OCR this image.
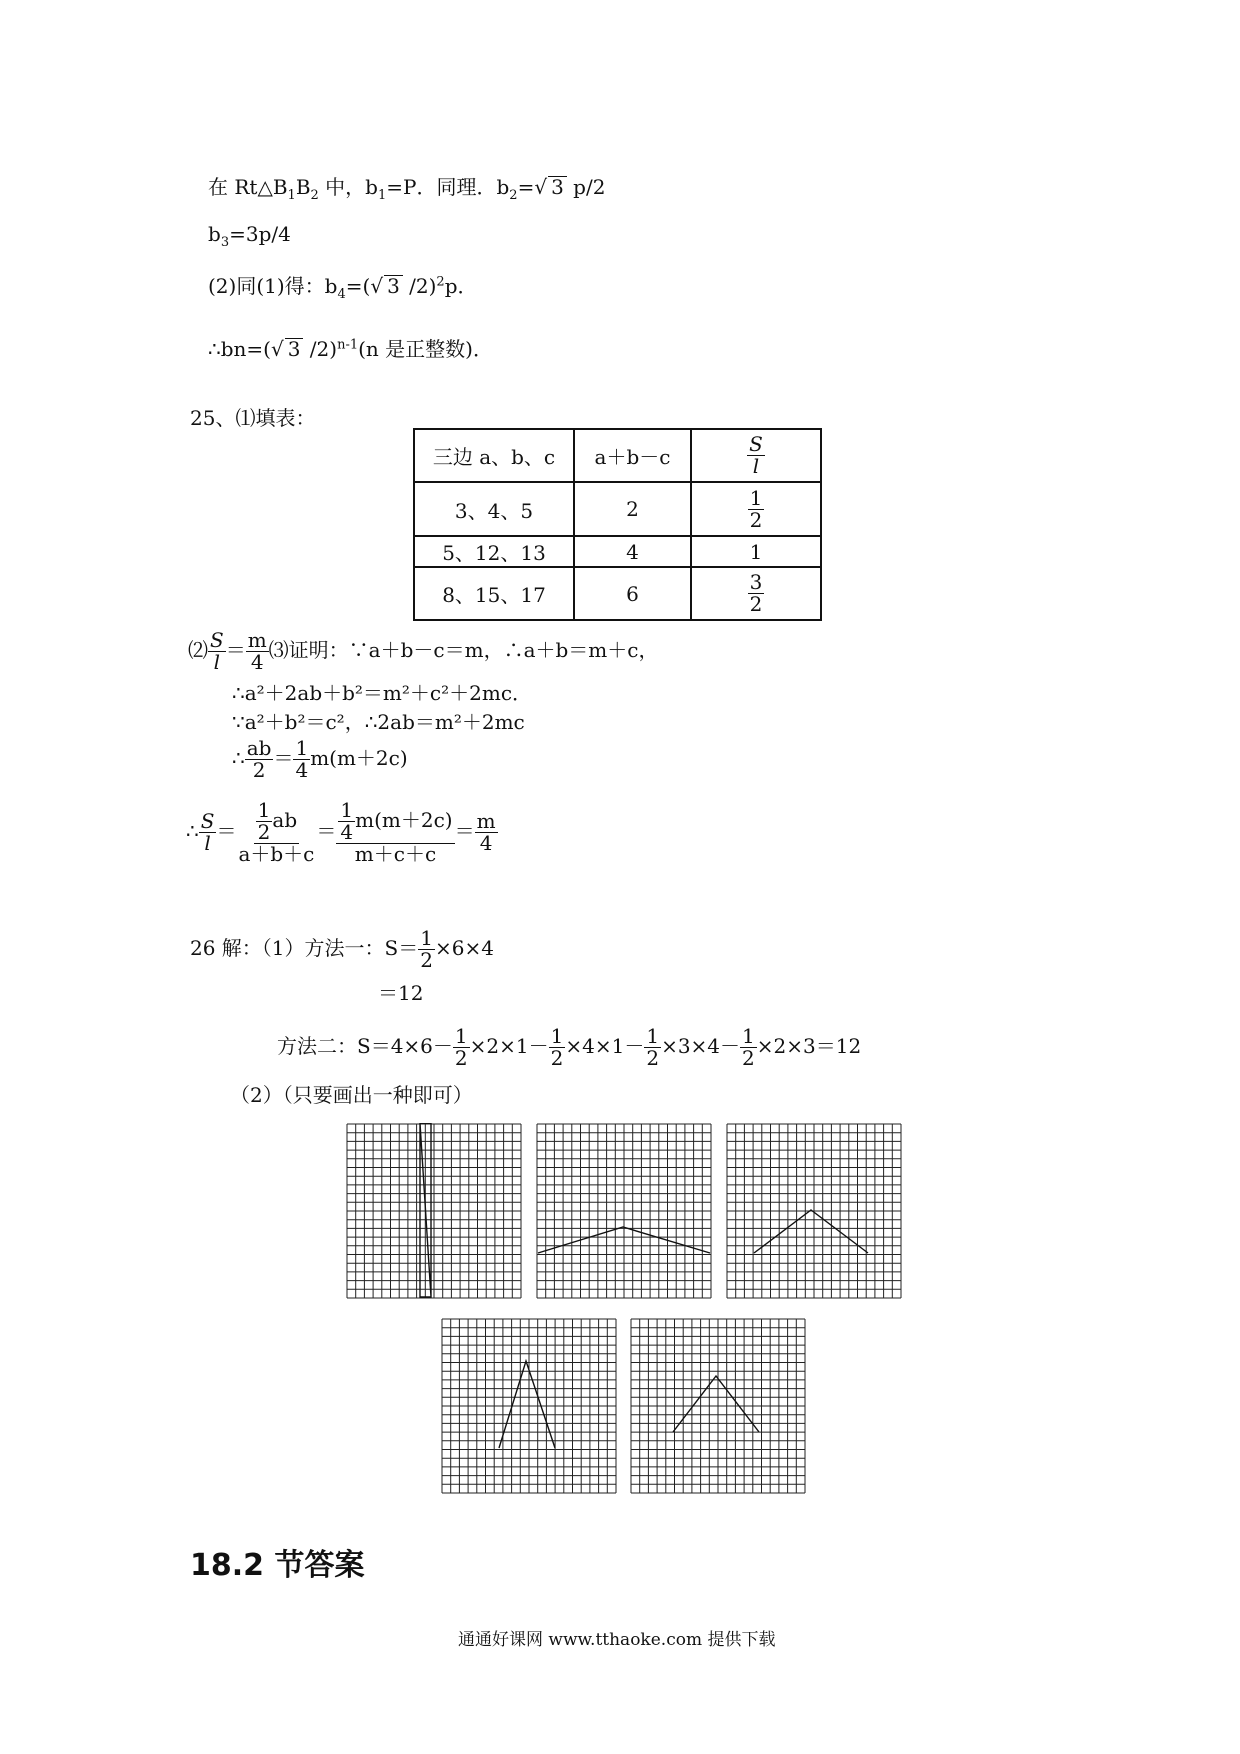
在 $Rt\triangle B_1B_2$ 中，$b_1=P$．同理．$b_2=√$ 3 p/2
$b_3=3p/4$
(2)同(1)得：$b_4=(√$ 3 /2)$^2$p．
∴bn=(√ 3 /2)$^{n-1}$(n 是正整数)．
25、⑴填表：
三边 a、b、c	a＋b－c	$\frac{S}{l}$

3、4、5	2	$\frac{1}{2}$

5、12、13	4	1
8、15、17	6	$\frac{3}{2}$
⑵ $\frac{S}{l} = \frac{m}{4}$ ⑶证明：∵a＋b－c＝m，∴a＋b＝m＋c，
∴a²＋2ab＋b²＝m²＋c²＋2mc．
∵a²＋b²＝c²，∴2ab＝m²＋2mc
∴ $\frac{ab}{2} = \frac{1}{4} m(m+2c)$
∴ $\frac{S}{l} = \frac{\frac{1}{2} ab}{a+b+c} = \frac{\frac{1}{4} m(m+2c)}{m+c+c} = \frac{m}{4}$
26 解：（1）方法一：$S= \frac{1}{2} \times 6\times 4$
＝12
方法二：$S=4\times 6- \frac{1}{2} \times 2\times 1- \frac{1}{2} \times 4\times 1- \frac{1}{2} \times 3\times 4- \frac{1}{2} \times 2\times 3=12$
（2）（只要画出一种即可）
18.2 节答案
通通好课网 www.tthaoke.com 提供下载
